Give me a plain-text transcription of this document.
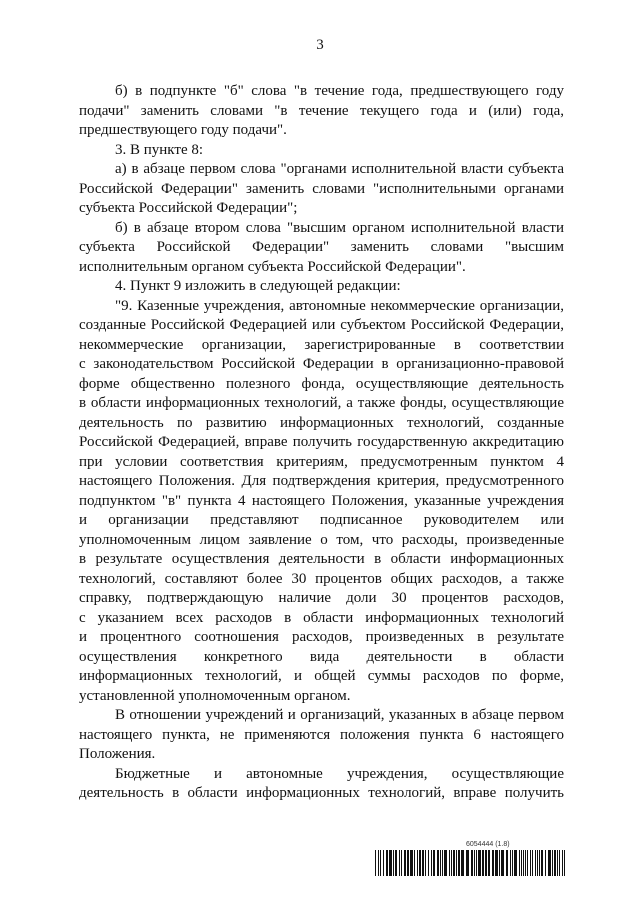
3
б) в подпункте "б" слова "в течение года, предшествующего году
подачи" заменить словами "в течение текущего года и (или) года,
предшествующего году подачи".
3. В пункте 8:
а) в абзаце первом слова "органами исполнительной власти субъекта
Российской Федерации" заменить словами "исполнительными органами
субъекта Российской Федерации";
б) в абзаце втором слова "высшим органом исполнительной власти
субъекта Российской Федерации" заменить словами "высшим
исполнительным органом субъекта Российской Федерации".
4. Пункт 9 изложить в следующей редакции:
"9. Казенные учреждения, автономные некоммерческие организации,
созданные Российской Федерацией или субъектом Российской Федерации,
некоммерческие организации, зарегистрированные в соответствии
с законодательством Российской Федерации в организационно-правовой
форме общественно полезного фонда, осуществляющие деятельность
в области информационных технологий, а также фонды, осуществляющие
деятельность по развитию информационных технологий, созданные
Российской Федерацией, вправе получить государственную аккредитацию
при условии соответствия критериям, предусмотренным пунктом 4
настоящего Положения. Для подтверждения критерия, предусмотренного
подпунктом "в" пункта 4 настоящего Положения, указанные учреждения
и организации представляют подписанное руководителем или
уполномоченным лицом заявление о том, что расходы, произведенные
в результате осуществления деятельности в области информационных
технологий, составляют более 30 процентов общих расходов, а также
справку, подтверждающую наличие доли 30 процентов расходов,
с указанием всех расходов в области информационных технологий
и процентного соотношения расходов, произведенных в результате
осуществления конкретного вида деятельности в области
информационных технологий, и общей суммы расходов по форме,
установленной уполномоченным органом.
В отношении учреждений и организаций, указанных в абзаце первом
настоящего пункта, не применяются положения пункта 6 настоящего
Положения.
Бюджетные и автономные учреждения, осуществляющие
деятельность в области информационных технологий, вправе получить
6054444 (1.8)
